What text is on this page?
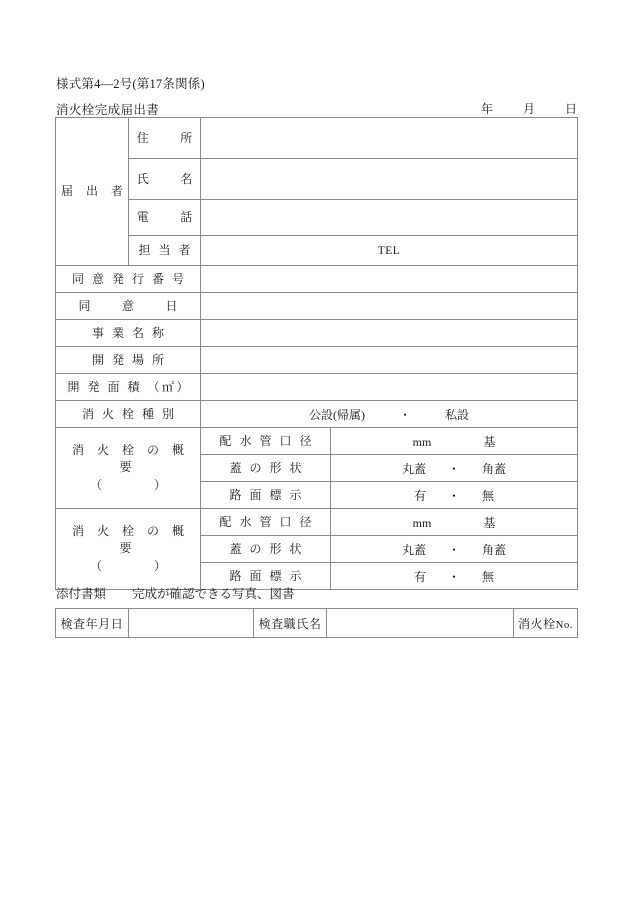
様式第4―2号(第17条関係)
消火栓完成届出書	年	月	日
届 出 者	住　　所		

	氏　　名		

	電　　話		

	担 当 者	TEL	

同 意 発 行 番 号			

同　　意　　日			

事 業 名 称			

開 発 場 所			

開 発 面 積 （㎡）			

消 火 栓 種 別		公設(帰属) ・ 私設	

消 火 栓 の 概 要
（ ）		配 水 管 口 径	mm 基

		蓋 の 形 状	丸蓋 ・ 角蓋

		路 面 標 示	有 ・ 無

消 火 栓 の 概 要
（ ）		配 水 管 口 径	mm 基

		蓋 の 形 状	丸蓋 ・ 角蓋

		路 面 標 示	有 ・ 無
添付書類 完成が確認できる写真、図書
検査年月日		検査職氏名		消火栓No.
